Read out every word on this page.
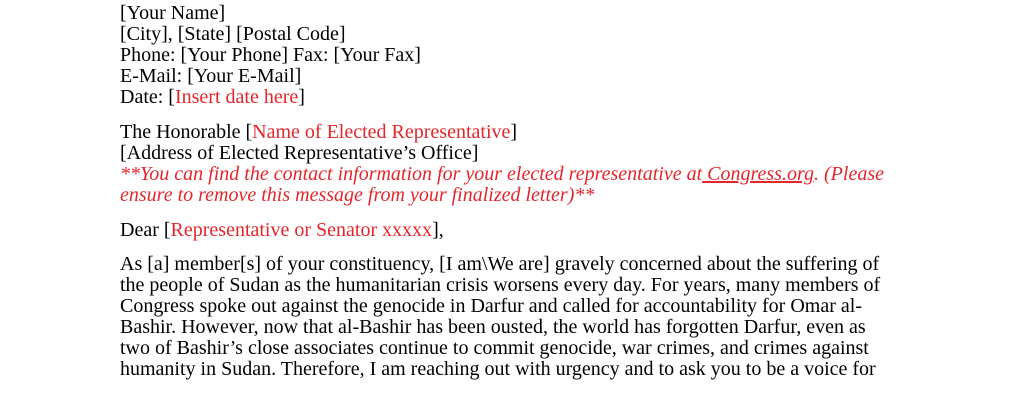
[Your Name]
[City], [State] [Postal Code]
Phone: [Your Phone] Fax: [Your Fax]
E-Mail: [Your E-Mail]
Date: [Insert date here]
The Honorable [Name of Elected Representative]
[Address of Elected Representative’s Office]
**You can find the contact information for your elected representative at Congress.org. (Please
ensure to remove this message from your finalized letter)**
Dear [Representative or Senator xxxxx],
As [a] member[s] of your constituency, [I am\We are] gravely concerned about the suffering of
the people of Sudan as the humanitarian crisis worsens every day. For years, many members of
Congress spoke out against the genocide in Darfur and called for accountability for Omar al-
Bashir. However, now that al-Bashir has been ousted, the world has forgotten Darfur, even as
two of Bashir’s close associates continue to commit genocide, war crimes, and crimes against
humanity in Sudan. Therefore, I am reaching out with urgency and to ask you to be a voice for
